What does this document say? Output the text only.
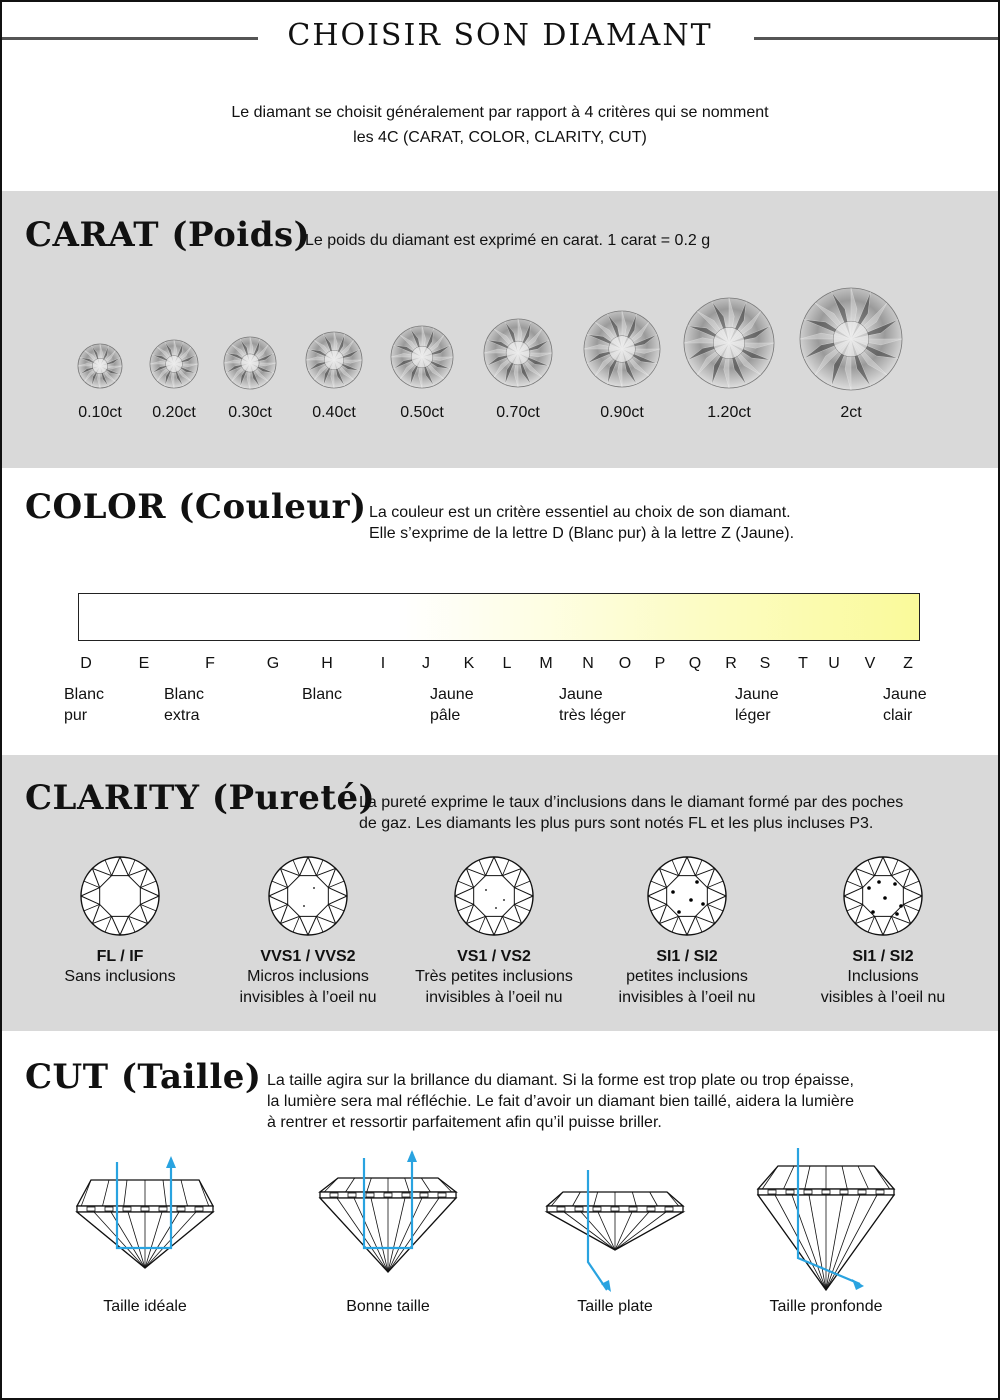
CHOISIR SON DIAMANT
Le diamant se choisit généralement par rapport à 4 critères qui se nomment
les 4C (CARAT, COLOR, CLARITY, CUT)
CARAT (Poids)
Le poids du diamant est exprimé en carat. 1 carat = 0.2 g
0.10ct	0.20ct	0.30ct	0.40ct	0.50ct	0.70ct	0.90ct	1.20ct	2ct
COLOR (Couleur) La couleur est un critère essentiel au choix de son diamant.
Elle s’exprime de la lettre D (Blanc pur) à la lettre Z (Jaune).
D	E	F	G	H	I	J	K	L	M N O P Q R S	T	U V	Z
Blanc
pur
Blanc
extra
Blanc	Jaune
pâle
Jaune
très léger
Jaune
léger
Jaune
clair
CLARITY (Pureté)
La pureté exprime le taux d’inclusions dans le diamant formé par des poches
de gaz. Les diamants les plus purs sont notés FL et les plus incluses P3.
FL / IF
Sans inclusions
VVS1 / VVS2
Micros inclusions
invisibles à l’oeil nu
VS1 / VS2
Très petites inclusions
invisibles à l’oeil nu
SI1 / SI2
petites inclusions
invisibles à l’oeil nu
SI1 / SI2
Inclusions
visibles à l’oeil nu
CUT (Taille) La taille agira sur la brillance du diamant. Si la forme est trop plate ou trop épaisse,
la lumière sera mal réfléchie. Le fait d’avoir un diamant bien taillé, aidera la lumière
à rentrer et ressortir parfaitement afin qu’il puisse briller.
Taille idéale	Bonne taille	Taille plate	Taille pronfonde
